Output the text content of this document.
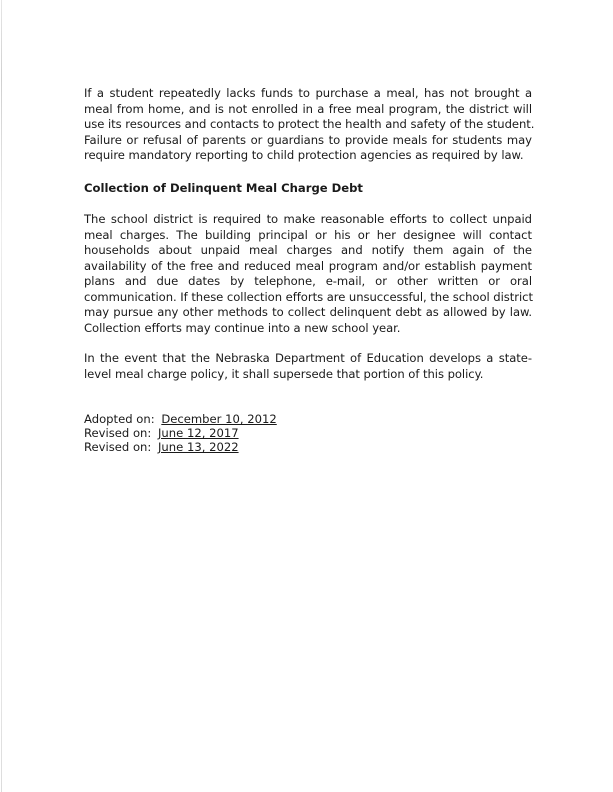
If a student repeatedly lacks funds to purchase a meal, has not brought a
meal from home, and is not enrolled in a free meal program, the district will
use its resources and contacts to protect the health and safety of the student.
Failure or refusal of parents or guardians to provide meals for students may
require mandatory reporting to child protection agencies as required by law.

Collection of Delinquent Meal Charge Debt

The school district is required to make reasonable efforts to collect unpaid
meal charges. The building principal or his or her designee will contact
households about unpaid meal charges and notify them again of the
availability of the free and reduced meal program and/or establish payment
plans and due dates by telephone, e-mail, or other written or oral
communication. If these collection efforts are unsuccessful, the school district
may pursue any other methods to collect delinquent debt as allowed by law.
Collection efforts may continue into a new school year.

In the event that the Nebraska Department of Education develops a state-
level meal charge policy, it shall supersede that portion of this policy.

Adopted on: December 10, 2012
Revised on: June 12, 2017
Revised on: June 13, 2022
